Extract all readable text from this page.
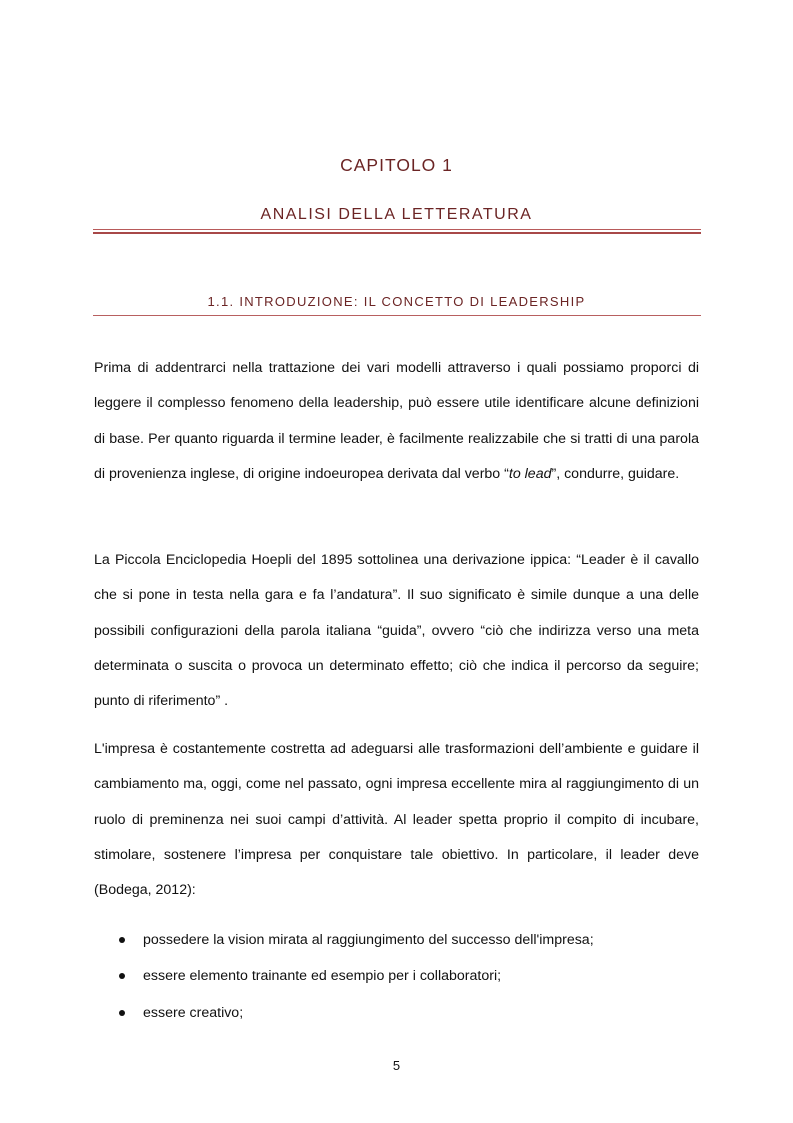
CAPITOLO 1
ANALISI DELLA LETTERATURA
1.1. INTRODUZIONE: IL CONCETTO DI LEADERSHIP

Prima di addentrarci nella trattazione dei vari modelli attraverso i quali possiamo proporci di leggere il complesso fenomeno della leadership, può essere utile identificare alcune definizioni di base. Per quanto riguarda il termine leader, è facilmente realizzabile che si tratti di una parola di provenienza inglese, di origine indoeuropea derivata dal verbo “to lead”, condurre, guidare.

La Piccola Enciclopedia Hoepli del 1895 sottolinea una derivazione ippica: “Leader è il cavallo che si pone in testa nella gara e fa l’andatura”. Il suo significato è simile dunque a una delle possibili configurazioni della parola italiana “guida”, ovvero “ciò che indirizza verso una meta determinata o suscita o provoca un determinato effetto; ciò che indica il percorso da seguire; punto di riferimento” .

L'impresa è costantemente costretta ad adeguarsi alle trasformazioni dell’ambiente e guidare il cambiamento ma, oggi, come nel passato, ogni impresa eccellente mira al raggiungimento di un ruolo di preminenza nei suoi campi d’attività. Al leader spetta proprio il compito di incubare, stimolare, sostenere l’impresa per conquistare tale obiettivo. In particolare, il leader deve (Bodega, 2012):

possedere la vision mirata al raggiungimento del successo dell'impresa;
essere elemento trainante ed esempio per i collaboratori;
essere creativo;
5
